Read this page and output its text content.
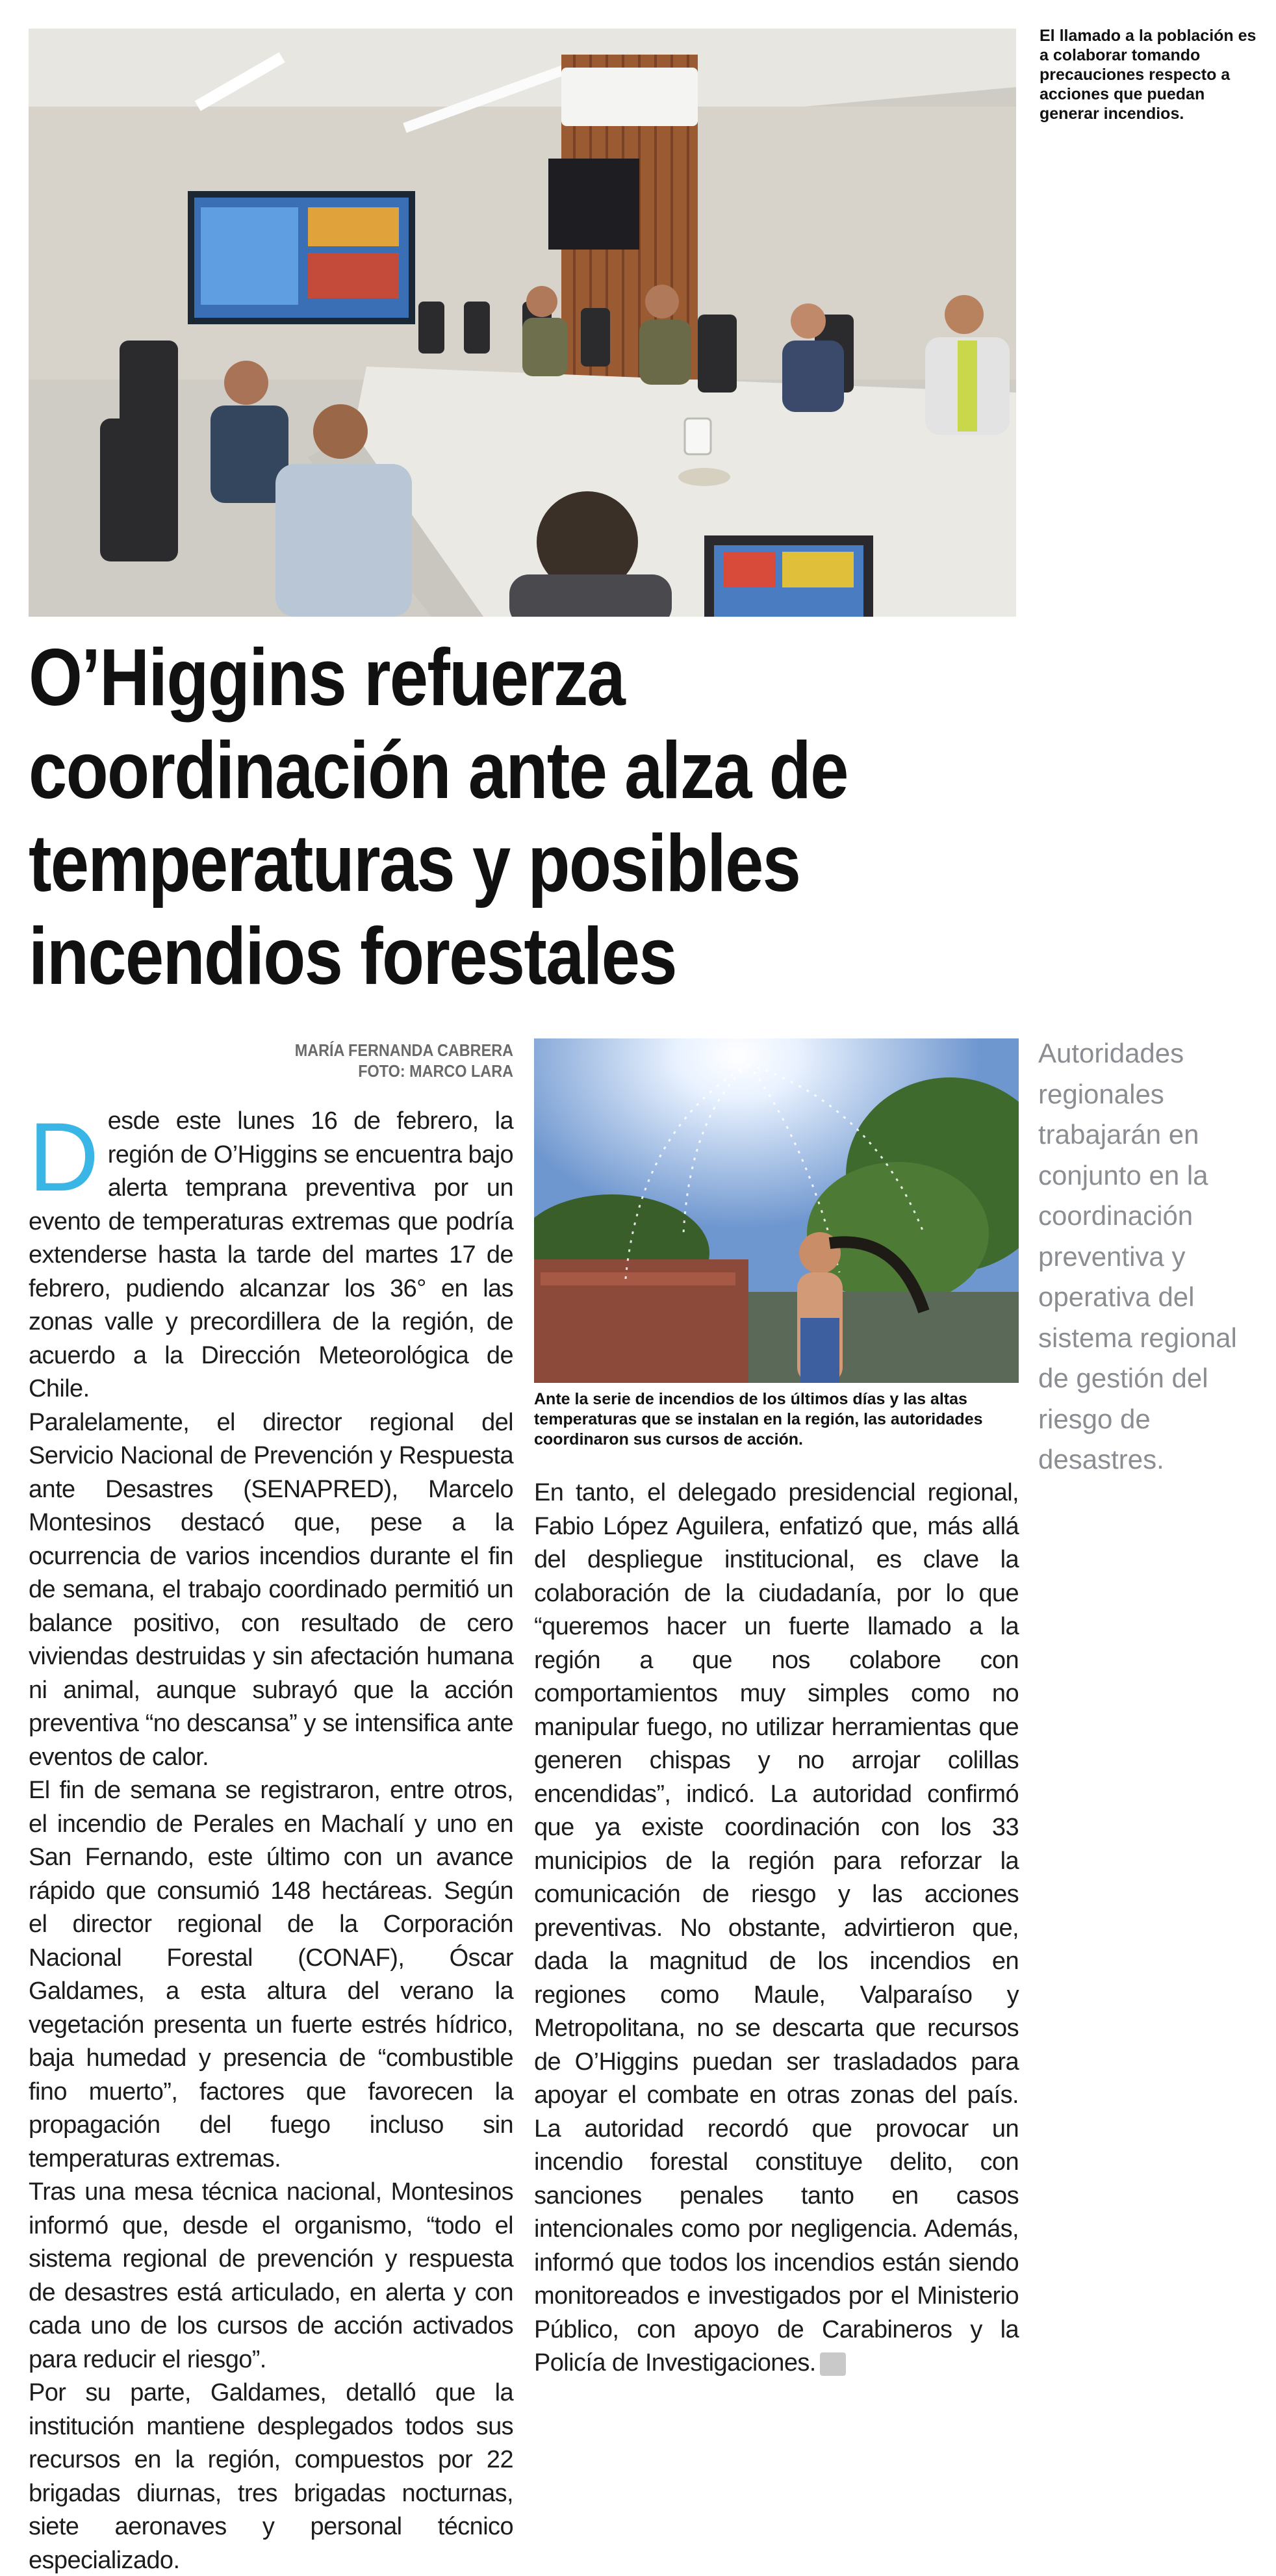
El llamado a la población es a colaborar tomando precauciones respecto a acciones que puedan generar incendios.
O’Higgins refuerza
coordinación ante alza de
temperaturas y posibles
incendios forestales
MARÍA FERNANDA CABRERA
FOTO: MARCO LARA
Ante la serie de incendios de los últimos días y las altas temperaturas que se instalan en la región, las autoridades coordinaron sus cursos de acción.
Autoridades regionales trabajarán en conjunto en la coordinación preventiva y operativa del sistema regional de gestión del riesgo de desastres.

Desde este lunes 16 de febrero, la región de O’Higgins se encuentra bajo alerta temprana preventiva por un evento de temperaturas extremas que podría extenderse hasta la tarde del martes 17 de febrero, pudiendo alcanzar los 36° en las zonas valle y precordillera de la región, de acuerdo a la Dirección Meteorológica de Chile.

Paralelamente, el director regional del Servicio Nacional de Prevención y Respuesta ante Desastres (SENAPRED), Marcelo Montesinos destacó que, pese a la ocurrencia de varios incendios durante el fin de semana, el trabajo coordinado permitió un balance positivo, con resultado de cero viviendas destruidas y sin afectación humana ni animal, aunque subrayó que la acción preventiva “no descansa” y se intensifica ante eventos de calor.

El fin de semana se registraron, entre otros, el incendio de Perales en Machalí y uno en San Fernando, este último con un avance rápido que consumió 148 hectáreas. Según el director regional de la Corporación Nacional Forestal (CONAF), Óscar Galdames, a esta altura del verano la vegetación presenta un fuerte estrés hídrico, baja humedad y presencia de “combustible fino muerto”, factores que favorecen la propagación del fuego incluso sin temperaturas extremas.

Tras una mesa técnica nacional, Montesinos informó que, desde el organismo, “todo el sistema regional de prevención y respuesta de desastres está articulado, en alerta y con cada uno de los cursos de acción activados para reducir el riesgo”.

Por su parte, Galdames, detalló que la institución mantiene desplegados todos sus recursos en la región, compuestos por 22 brigadas diurnas, tres brigadas nocturnas, siete aeronaves y personal técnico especializado.

En tanto, el delegado presidencial regional, Fabio López Aguilera, enfatizó que, más allá del despliegue institucional, es clave la colaboración de la ciudadanía, por lo que “queremos hacer un fuerte llamado a la región a que nos colabore con comportamientos muy simples como no manipular fuego, no utilizar herramientas que generen chispas y no arrojar colillas encendidas”, indicó. La autoridad confirmó que ya existe coordinación con los 33 municipios de la región para reforzar la comunicación de riesgo y las acciones preventivas. No obstante, advirtieron que, dada la magnitud de los incendios en regiones como Maule, Valparaíso y Metropolitana, no se descarta que recursos de O’Higgins puedan ser trasladados para apoyar el combate en otras zonas del país. La autoridad recordó que provocar un incendio forestal constituye delito, con sanciones penales tanto en casos intencionales como por negligencia. Además, informó que todos los incendios están siendo monitoreados e investigados por el Ministerio Público, con apoyo de Carabineros y la Policía de Investigaciones.
